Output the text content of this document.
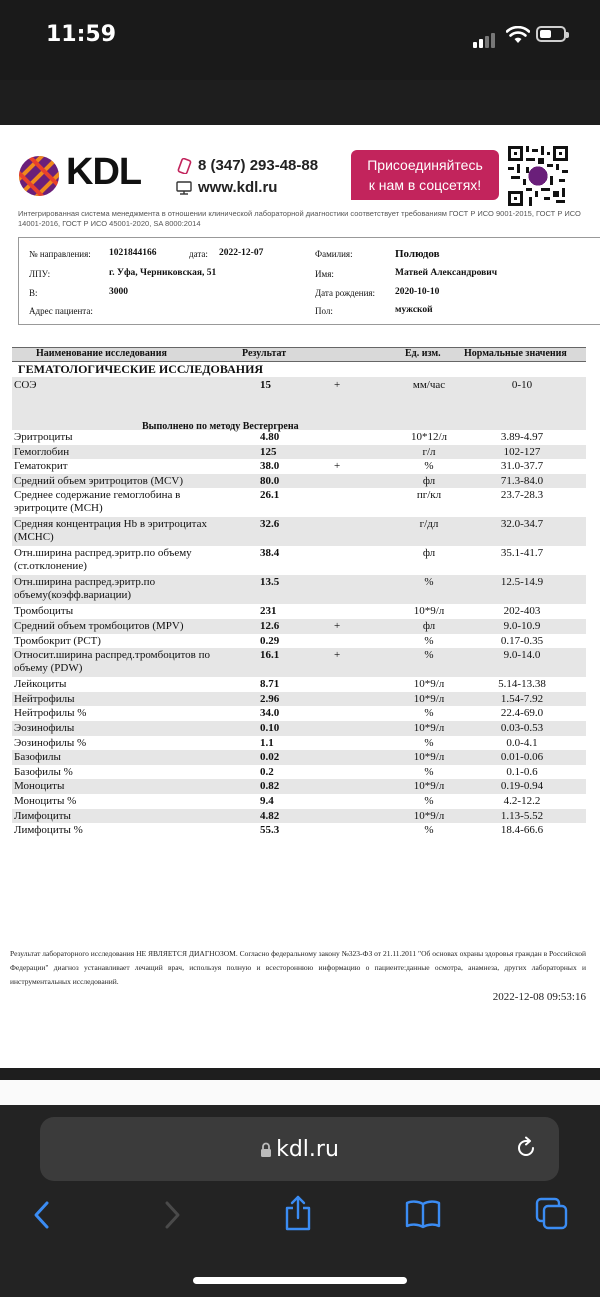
11:59
KDL	8 (347) 293-48-88
www.kdl.ru
Присоединяйтесь
к нам в соцсетях!
Интегрированная система менеджмента в отношении клинической лабораторной диагностики соответствует требованиям ГОСТ Р ИСО 9001-2015, ГОСТ Р ИСО 14001-2016, ГОСТ Р ИСО 45001-2020, SA 8000:2014
№ направления: 1021844166	дата: 2022-12-07	Фамилия:	Полюдов
ЛПУ:	г. Уфа, Черниковская, 51	Имя:	Матвей Александрович
В:	3000	Дата рождения: 2020-10-10
Адрес пациента:	Пол:	мужской
Наименование исследования	Результат	Ед. изм. Нормальные значения
ГЕМАТОЛОГИЧЕСКИЕ ИССЛЕДОВАНИЯ
СОЭ	15	+	мм/час	0-10
Выполнено по методу Вестергрена
Эритроциты	4.80	10*12/л	3.89-4.97
Гемоглобин	125	г/л	102-127
Гематокрит	38.0	+	%	31.0-37.7
Средний объем эритроцитов (MCV)	80.0	фл	71.3-84.0
Среднее содержание гемоглобина в эритроците (MCH)
26.1	пг/кл	23.7-28.3
Средняя концентрация Hb в эритроцитах (MCHC)
32.6	г/дл	32.0-34.7
Отн.ширина распред.эритр.по объему (ст.отклонение)
38.4	фл	35.1-41.7
Отн.ширина распред.эритр.по объему(коэфф.вариации)
13.5	%	12.5-14.9
Тромбоциты	231	10*9/л	202-403
Средний объем тромбоцитов (MPV)	12.6	+	фл	9.0-10.9
Тромбокрит (PCT)	0.29	%	0.17-0.35
Относит.ширина распред.тромбоцитов по объему (PDW)
16.1	+	%	9.0-14.0
Лейкоциты	8.71	10*9/л	5.14-13.38
Нейтрофилы	2.96	10*9/л	1.54-7.92
Нейтрофилы %	34.0	%	22.4-69.0
Эозинофилы	0.10	10*9/л	0.03-0.53
Эозинофилы %	1.1	%	0.0-4.1
Базофилы	0.02	10*9/л	0.01-0.06
Базофилы %	0.2	%	0.1-0.6
Моноциты	0.82	10*9/л	0.19-0.94
Моноциты %	9.4	%	4.2-12.2
Лимфоциты	4.82	10*9/л	1.13-5.52
Лимфоциты %	55.3	%	18.4-66.6
Результат лабораторного исследования НЕ ЯВЛЯЕТСЯ ДИАГНОЗОМ. Согласно федеральному закону №323-ФЗ от 21.11.2011 "Об основах охраны здоровья граждан в Российской Федерации" диагноз устанавливает лечащий врач, используя полную и всестороннюю информацию о пациенте:данные осмотра, анамнеза, других лабораторных и инструментальных исследований.
2022-12-08 09:53:16
kdl.ru
